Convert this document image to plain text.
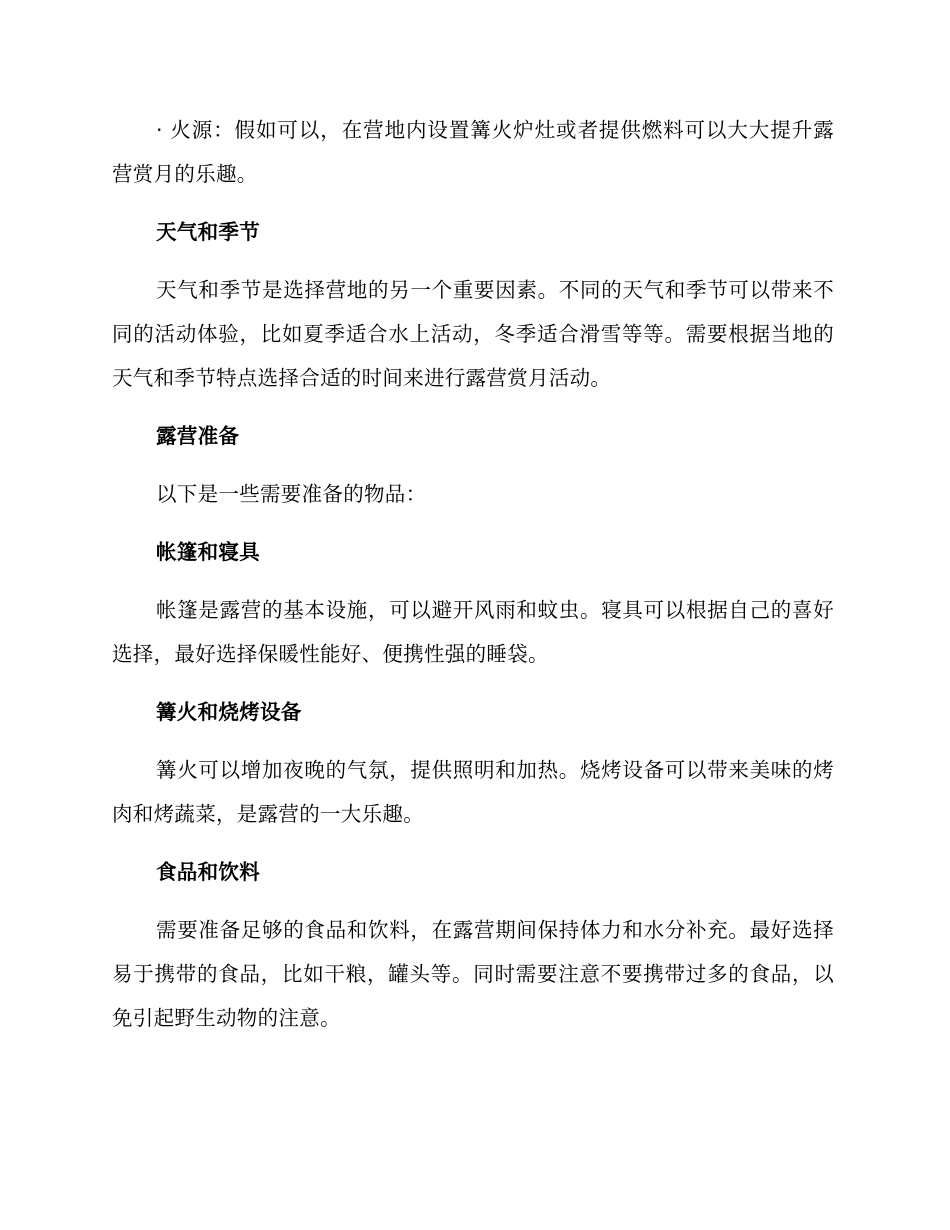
· 火源：假如可以，在营地内设置篝火炉灶或者提供燃料可以大大提升露营赏月的乐趣。

天气和季节

天气和季节是选择营地的另一个重要因素。不同的天气和季节可以带来不同的活动体验，比如夏季适合水上活动，冬季适合滑雪等等。需要根据当地的天气和季节特点选择合适的时间来进行露营赏月活动。

露营准备

以下是一些需要准备的物品：

帐篷和寝具

帐篷是露营的基本设施，可以避开风雨和蚊虫。寝具可以根据自己的喜好选择，最好选择保暖性能好、便携性强的睡袋。

篝火和烧烤设备

篝火可以增加夜晚的气氛，提供照明和加热。烧烤设备可以带来美味的烤肉和烤蔬菜，是露营的一大乐趣。

食品和饮料

需要准备足够的食品和饮料，在露营期间保持体力和水分补充。最好选择易于携带的食品，比如干粮，罐头等。同时需要注意不要携带过多的食品，以免引起野生动物的注意。
